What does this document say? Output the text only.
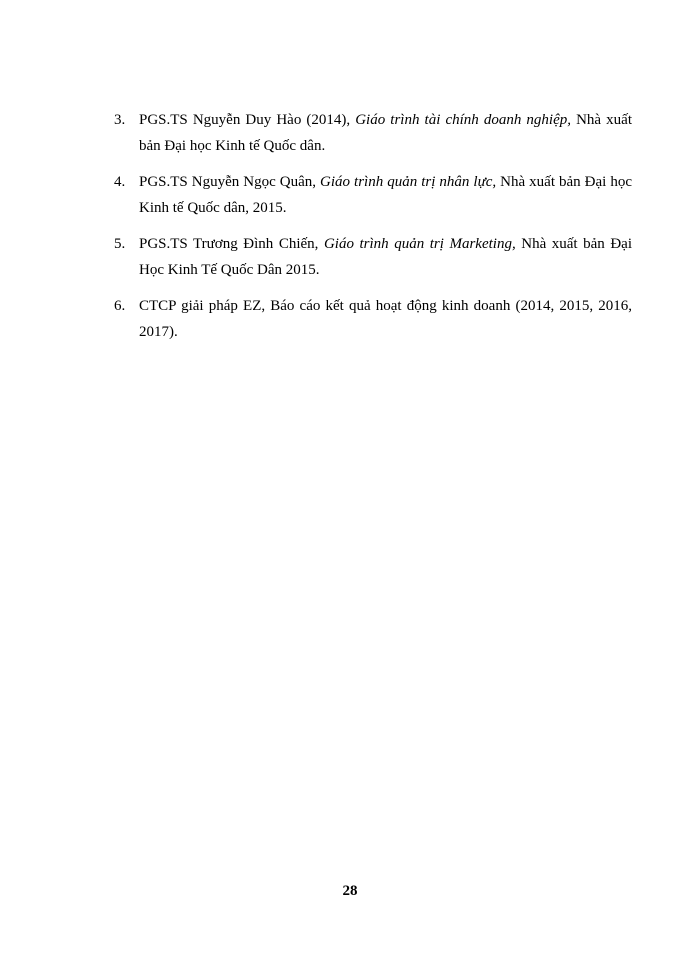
3. PGS.TS Nguyễn Duy Hào (2014), Giáo trình tài chính doanh nghiệp, Nhà xuất bản Đại học Kinh tế Quốc dân.
4. PGS.TS Nguyễn Ngọc Quân, Giáo trình quản trị nhân lực, Nhà xuất bản Đại học Kinh tế Quốc dân, 2015.
5. PGS.TS Trương Đình Chiến, Giáo trình quản trị Marketing, Nhà xuất bản Đại Học Kinh Tế Quốc Dân 2015.
6. CTCP giải pháp EZ, Báo cáo kết quả hoạt động kinh doanh (2014, 2015, 2016, 2017).
28
